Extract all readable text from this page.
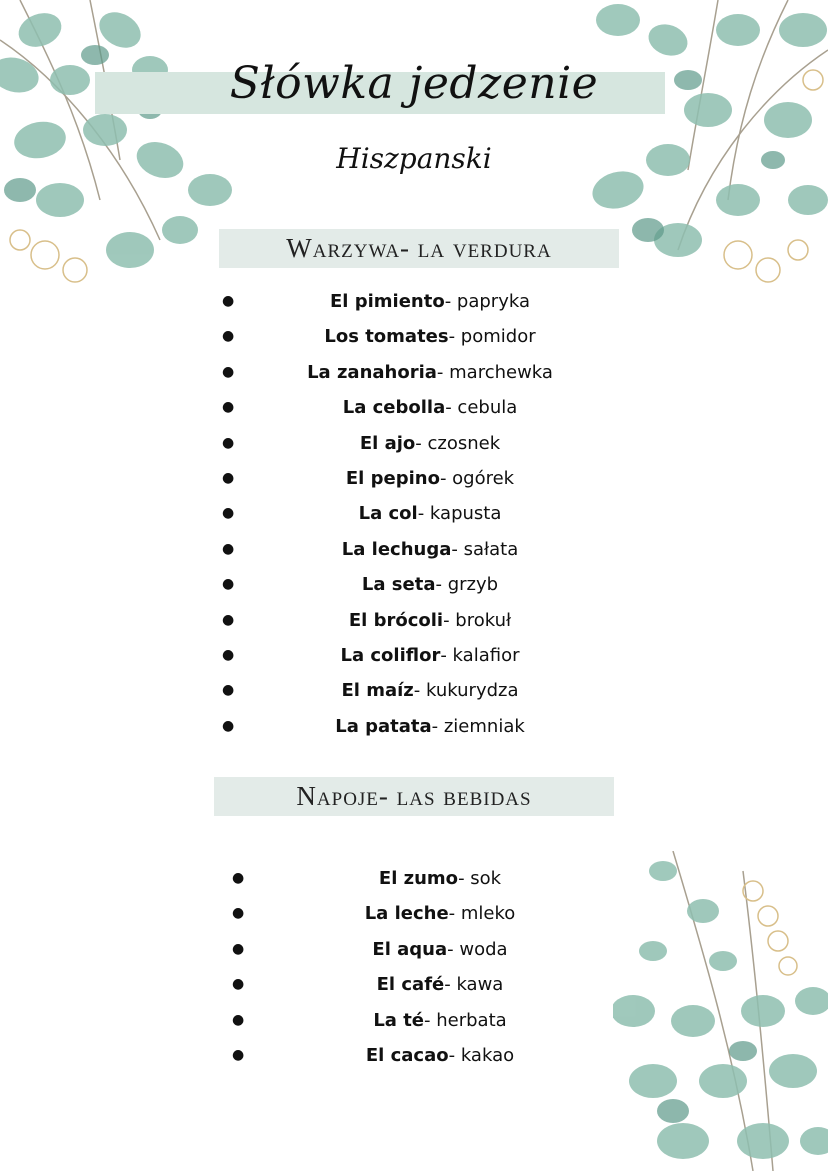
Słówka jedzenie
Hiszpanski
Warzywa- la verdura
●	El pimiento- papryka
●	Los tomates- pomidor
●	La zanahoria- marchewka
●	La cebolla- cebula
●	El ajo- czosnek
●	El pepino- ogórek
●	La col- kapusta
●	La lechuga- sałata
●	La seta- grzyb
●	El brócoli- brokuł
●	La coliflor- kalafior
●	El maíz- kukurydza
●	La patata- ziemniak
Napoje- las bebidas
●	El zumo- sok
●	La leche- mleko
●	El aqua- woda
●	El café- kawa
●	La té- herbata
●	El cacao- kakao
